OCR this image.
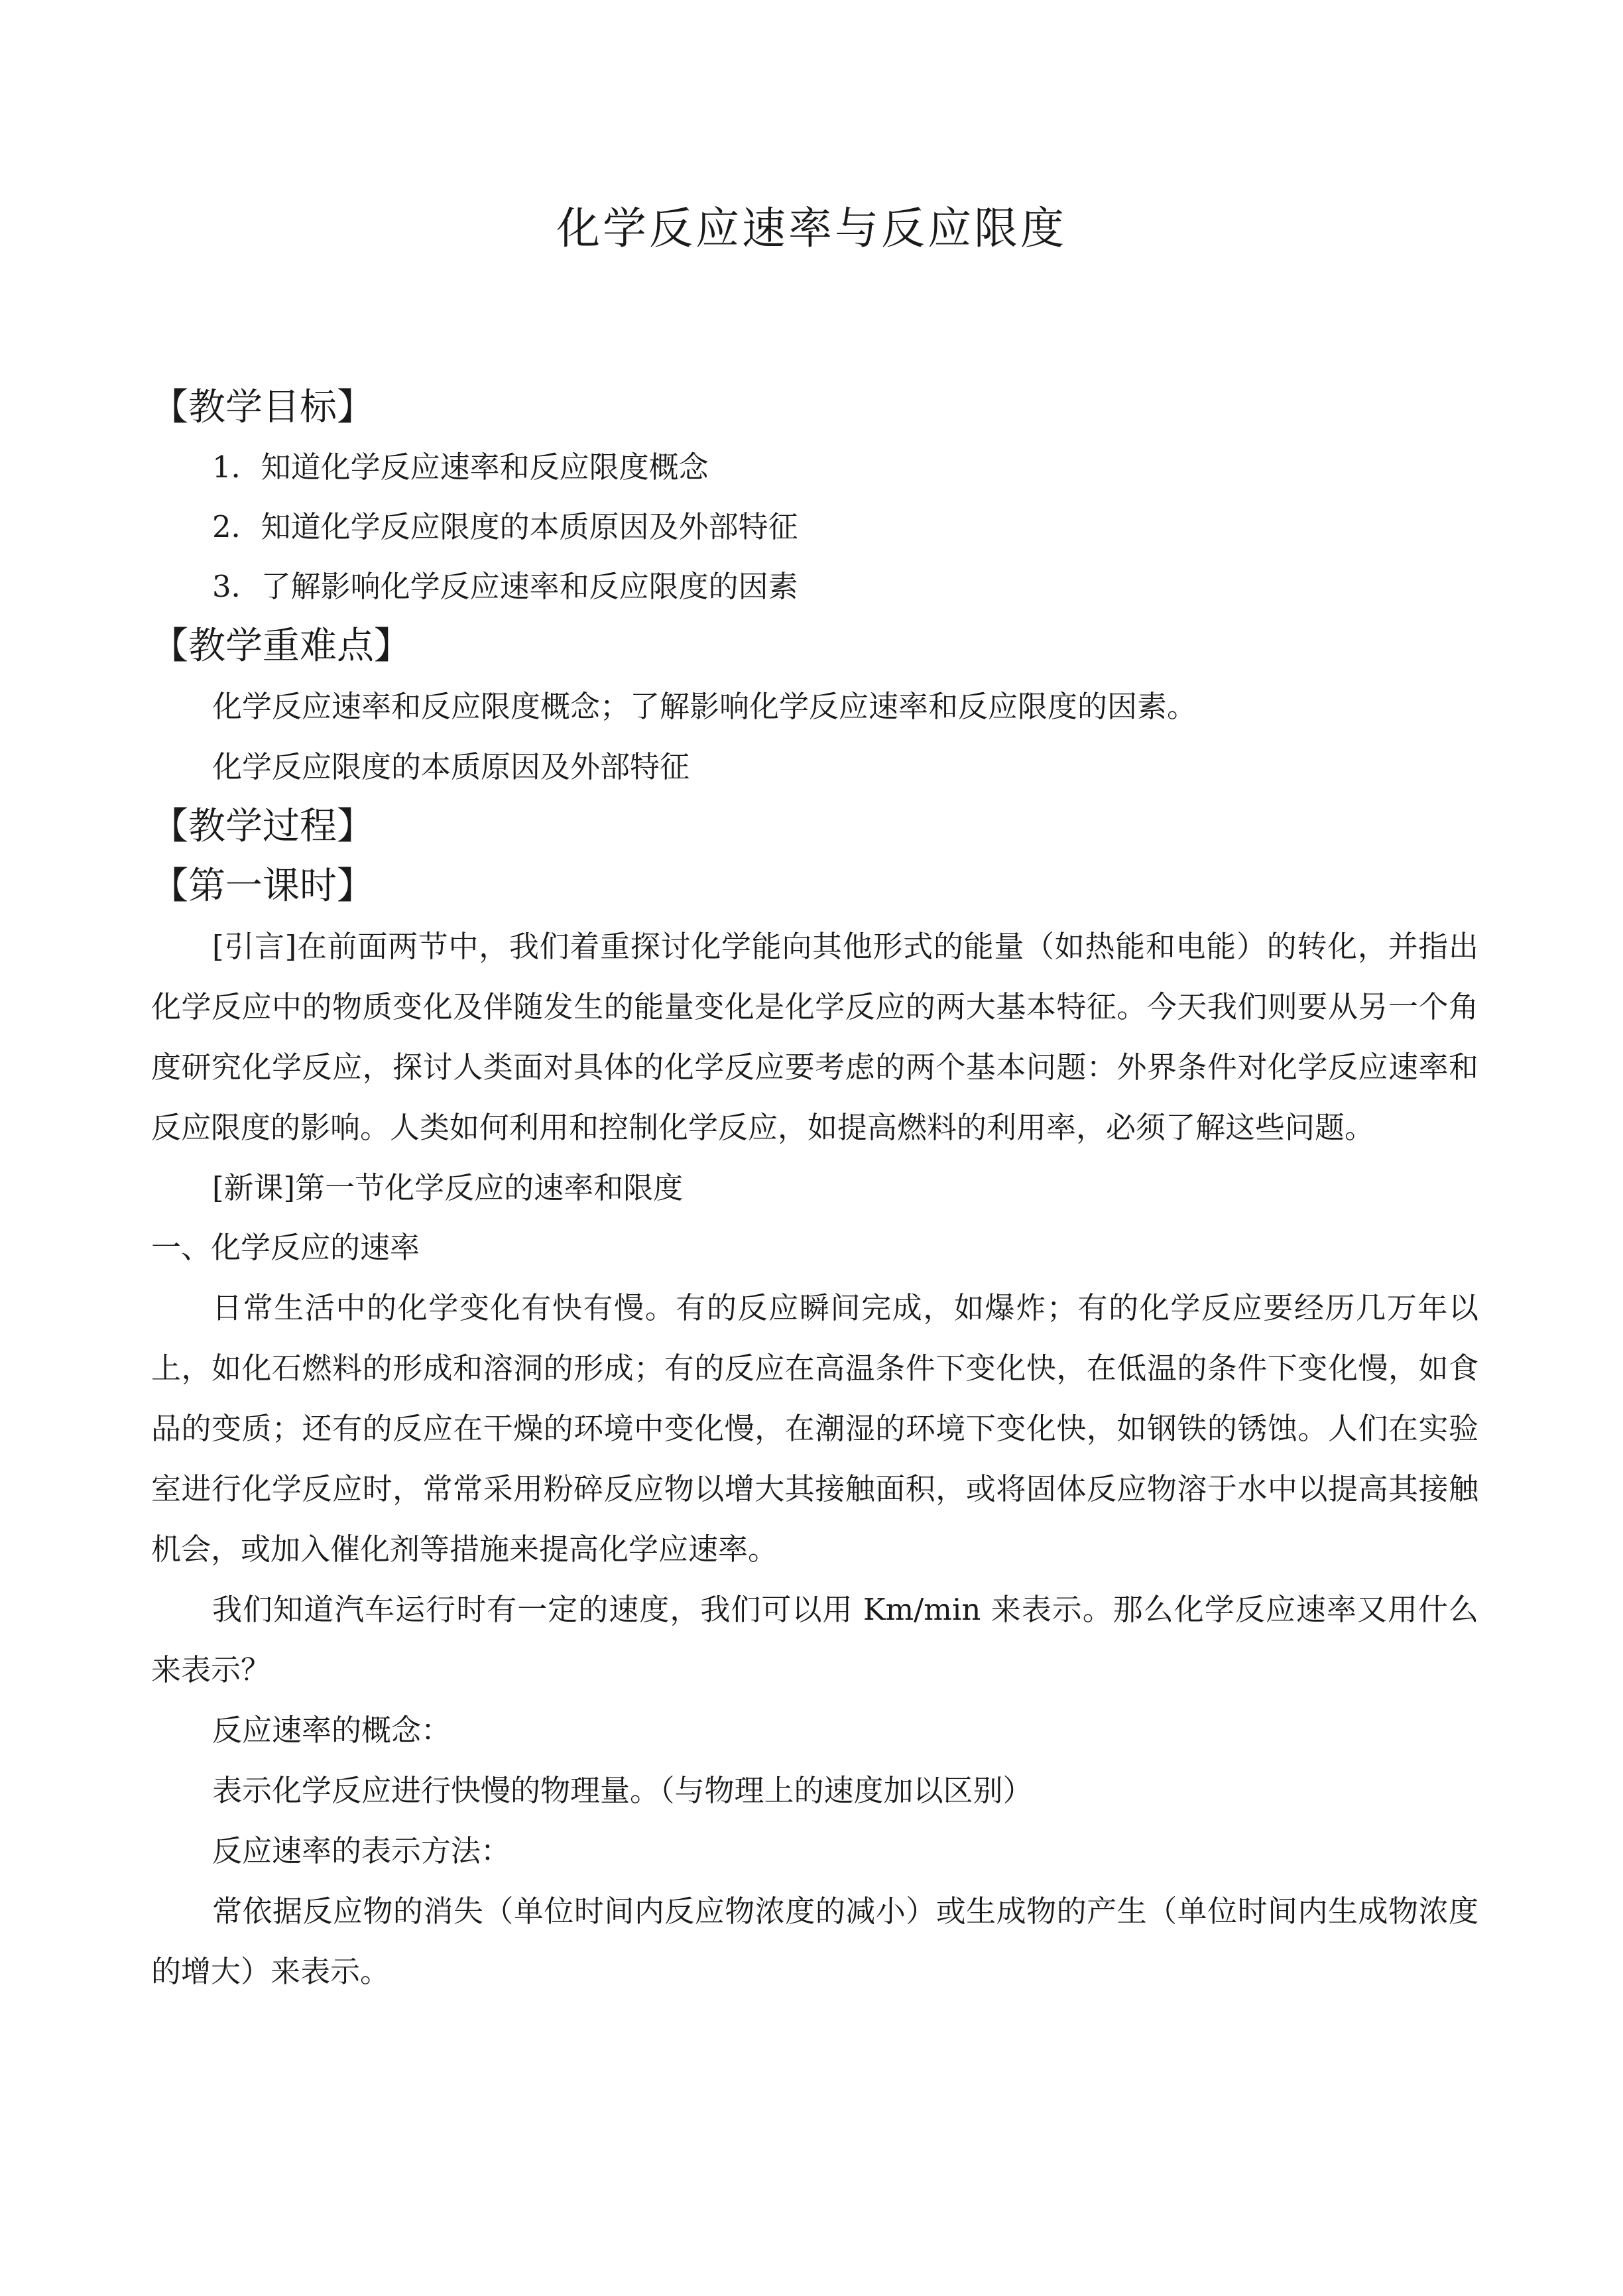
化学反应速率与反应限度
【教学目标】

1．知道化学反应速率和反应限度概念

2．知道化学反应限度的本质原因及外部特征

3．了解影响化学反应速率和反应限度的因素

【教学重难点】

化学反应速率和反应限度概念；了解影响化学反应速率和反应限度的因素。

化学反应限度的本质原因及外部特征

【教学过程】
【第一课时】

[引言]在前面两节中，我们着重探讨化学能向其他形式的能量（如热能和电能）的转化，并指出化学反应中的物质变化及伴随发生的能量变化是化学反应的两大基本特征。今天我们则要从另一个角度研究化学反应，探讨人类面对具体的化学反应要考虑的两个基本问题：外界条件对化学反应速率和反应限度的影响。人类如何利用和控制化学反应，如提高燃料的利用率，必须了解这些问题。

[新课]第一节化学反应的速率和限度

一、化学反应的速率

日常生活中的化学变化有快有慢。有的反应瞬间完成，如爆炸；有的化学反应要经历几万年以上，如化石燃料的形成和溶洞的形成；有的反应在高温条件下变化快，在低温的条件下变化慢，如食品的变质；还有的反应在干燥的环境中变化慢，在潮湿的环境下变化快，如钢铁的锈蚀。人们在实验室进行化学反应时，常常采用粉碎反应物以增大其接触面积，或将固体反应物溶于水中以提高其接触机会，或加入催化剂等措施来提高化学应速率。

我们知道汽车运行时有一定的速度，我们可以用 Km/min 来表示。那么化学反应速率又用什么来表示？

反应速率的概念：

表示化学反应进行快慢的物理量。（与物理上的速度加以区别）

反应速率的表示方法：

常依据反应物的消失（单位时间内反应物浓度的减小）或生成物的产生（单位时间内生成物浓度的增大）来表示。
